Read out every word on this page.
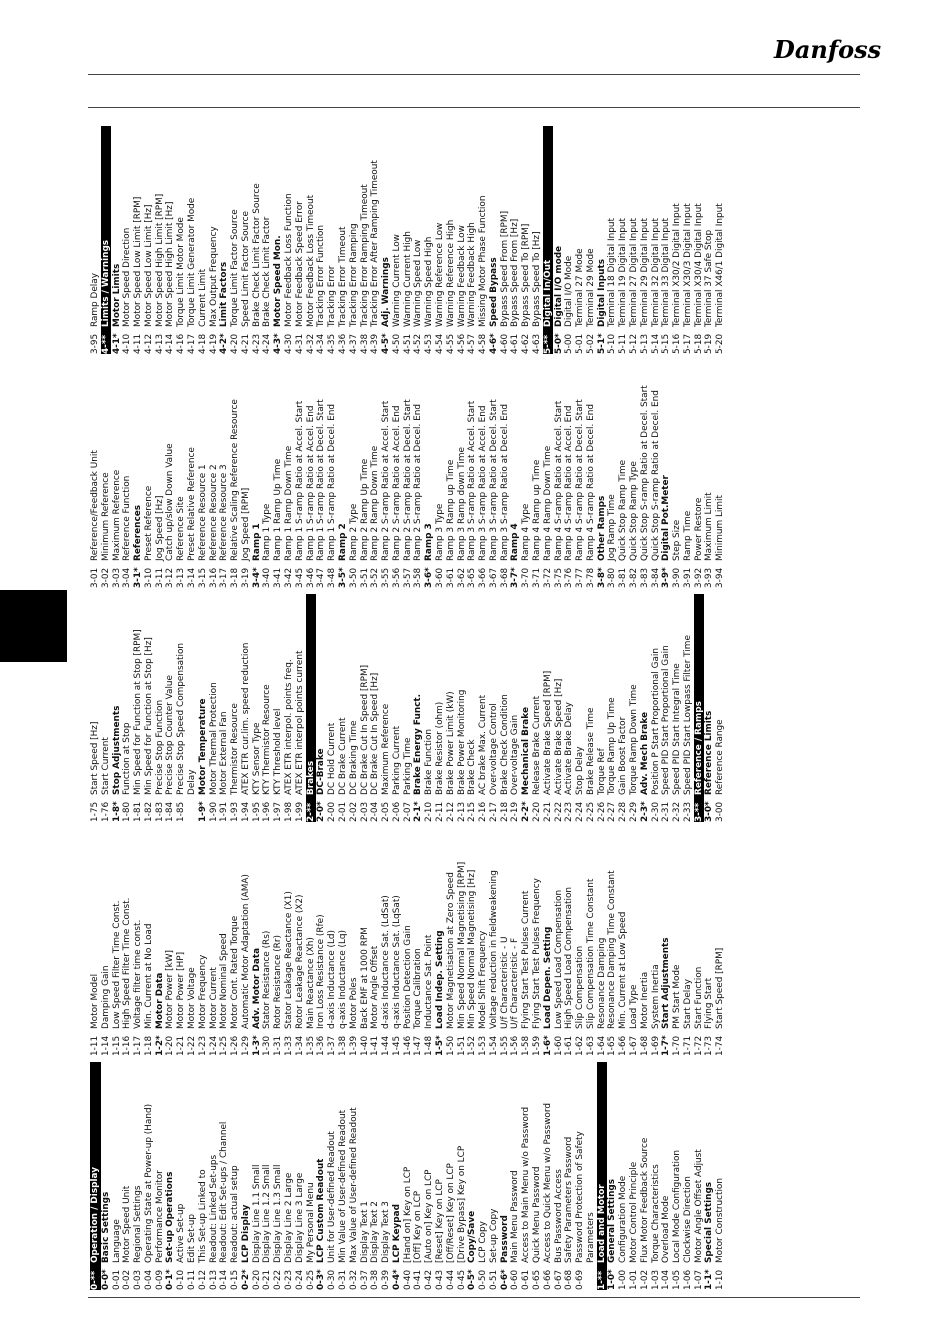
Danfoss
0-**Operation / Display
0-0*Basic Settings
0-01Language
0-02Motor Speed Unit
0-03Regional Settings
0-04Operating State at Power-up (Hand)
0-09Performance Monitor
0-1*Set-up Operations
0-10Active Set-up
0-11Edit Set-up
0-12This Set-up Linked to
0-13Readout: Linked Set-ups
0-14Readout: Edit Set-ups / Channel
0-15Readout: actual setup
0-2*LCP Display
0-20Display Line 1.1 Small
0-21Display Line 1.2 Small
0-22Display Line 1.3 Small
0-23Display Line 2 Large
0-24Display Line 3 Large
0-25My Personal Menu
0-3*LCP Custom Readout
0-30Unit for User-defined Readout
0-31Min Value of User-defined Readout
0-32Max Value of User-defined Readout
0-37Display Text 1
0-38Display Text 2
0-39Display Text 3
0-4*LCP Keypad
0-40[Hand on] Key on LCP
0-41[Off] Key on LCP
0-42[Auto on] Key on LCP
0-43[Reset] Key on LCP
0-44[Off/Reset] Key on LCP
0-45[Drive Bypass] Key on LCP
0-5*Copy/Save
0-50LCP Copy
0-51Set-up Copy
0-6*Password
0-60Main Menu Password
0-61Access to Main Menu w/o Password
0-65Quick Menu Password
0-66Access to Quick Menu w/o Password
0-67Bus Password Access
0-68Safety Parameters Password
0-69Password Protection of Safety Parameters
1-**Load and Motor
1-0*General Settings
1-00Configuration Mode
1-01Motor Control Principle
1-02Flux Motor Feedback Source
1-03Torque Characteristics
1-04Overload Mode
1-05Local Mode Configuration
1-06Clockwise Direction
1-07Motor Angle Offset Adjust
1-1*Special Settings
1-10Motor Construction
1-11Motor Model
1-14Damping Gain
1-15Low Speed Filter Time Const.
1-16High Speed Filter Time Const.
1-17Voltage filter time const.
1-18Min. Current at No Load
1-2*Motor Data
1-20Motor Power [kW]
1-21Motor Power [HP]
1-22Motor Voltage
1-23Motor Frequency
1-24Motor Current
1-25Motor Nominal Speed
1-26Motor Cont. Rated Torque
1-29Automatic Motor Adaptation (AMA)
1-3*Adv. Motor Data
1-30Stator Resistance (Rs)
1-31Rotor Resistance (Rr)
1-33Stator Leakage Reactance (X1)
1-34Rotor Leakage Reactance (X2)
1-35Main Reactance (Xh)
1-36Iron Loss Resistance (Rfe)
1-37d-axis Inductance (Ld)
1-38q-axis Inductance (Lq)
1-39Motor Poles
1-40Back EMF at 1000 RPM
1-41Motor Angle Offset
1-44d-axis Inductance Sat. (LdSat)
1-45q-axis Inductance Sat. (LqSat)
1-46Position Detection Gain
1-47Torque Calibration
1-48Inductance Sat. Point
1-5*Load Indep. Setting
1-50Motor Magnetisation at Zero Speed
1-51Min Speed Normal Magnetising [RPM]
1-52Min Speed Normal Magnetising [Hz]
1-53Model Shift Frequency
1-54Voltage reduction in fieldweakening
1-55U/f Characteristic - U
1-56U/f Characteristic - F
1-58Flying Start Test Pulses Current
1-59Flying Start Test Pulses Frequency
1-6*Load Depen. Setting
1-60Low Speed Load Compensation
1-61High Speed Load Compensation
1-62Slip Compensation
1-63Slip Compensation Time Constant
1-64Resonance Damping
1-65Resonance Damping Time Constant
1-66Min. Current at Low Speed
1-67Load Type
1-68Motor Inertia
1-69System Inertia
1-7*Start Adjustments
1-70PM Start Mode
1-71Start Delay
1-72Start Function
1-73Flying Start
1-74Start Speed [RPM]
1-75Start Speed [Hz]
1-76Start Current
1-8*Stop Adjustments
1-80Function at Stop
1-81Min Speed for Function at Stop [RPM]
1-82Min Speed for Function at Stop [Hz]
1-83Precise Stop Function
1-84Precise Stop Counter Value
1-85Precise Stop Speed Compensation Delay
1-9*Motor Temperature
1-90Motor Thermal Protection
1-91Motor External Fan
1-93Thermistor Resource
1-94ATEX ETR cur.lim. speed reduction
1-95KTY Sensor Type
1-96KTY Thermistor Resource
1-97KTY Threshold level
1-98ATEX ETR interpol. points freq.
1-99ATEX ETR interpol points current
2-**Brakes
2-0*DC-Brake
2-00DC Hold Current
2-01DC Brake Current
2-02DC Braking Time
2-03DC Brake Cut In Speed [RPM]
2-04DC Brake Cut In Speed [Hz]
2-05Maximum Reference
2-06Parking Current
2-07Parking Time
2-1*Brake Energy Funct.
2-10Brake Function
2-11Brake Resistor (ohm)
2-12Brake Power Limit (kW)
2-13Brake Power Monitoring
2-15Brake Check
2-16AC brake Max. Current
2-17Over-voltage Control
2-18Brake Check Condition
2-19Over-voltage Gain
2-2*Mechanical Brake
2-20Release Brake Current
2-21Activate Brake Speed [RPM]
2-22Activate Brake Speed [Hz]
2-23Activate Brake Delay
2-24Stop Delay
2-25Brake Release Time
2-26Torque Ref
2-27Torque Ramp Up Time
2-28Gain Boost Factor
2-29Torque Ramp Down Time
2-3*Adv. Mech Brake
2-30Position P Start Proportional Gain
2-31Speed PID Start Proportional Gain
2-32Speed PID Start Integral Time
2-33Speed PID Start Lowpass Filter Time
3-**Reference / Ramps
3-0*Reference Limits
3-00Reference Range
3-01Reference/Feedback Unit
3-02Minimum Reference
3-03Maximum Reference
3-04Reference Function
3-1*References
3-10Preset Reference
3-11Jog Speed [Hz]
3-12Catch up/slow Down Value
3-13Reference Site
3-14Preset Relative Reference
3-15Reference Resource 1
3-16Reference Resource 2
3-17Reference Resource 3
3-18Relative Scaling Reference Resource
3-19Jog Speed [RPM]
3-4*Ramp 1
3-40Ramp 1 Type
3-41Ramp 1 Ramp Up Time
3-42Ramp 1 Ramp Down Time
3-45Ramp 1 S-ramp Ratio at Accel. Start
3-46Ramp 1 S-ramp Ratio at Accel. End
3-47Ramp 1 S-ramp Ratio at Decel. Start
3-48Ramp 1 S-ramp Ratio at Decel. End
3-5*Ramp 2
3-50Ramp 2 Type
3-51Ramp 2 Ramp Up Time
3-52Ramp 2 Ramp Down Time
3-55Ramp 2 S-ramp Ratio at Accel. Start
3-56Ramp 2 S-ramp Ratio at Accel. End
3-57Ramp 2 S-ramp Ratio at Decel. Start
3-58Ramp 2 S-ramp Ratio at Decel. End
3-6*Ramp 3
3-60Ramp 3 Type
3-61Ramp 3 Ramp up Time
3-62Ramp 3 Ramp down Time
3-65Ramp 3 S-ramp Ratio at Accel. Start
3-66Ramp 3 S-ramp Ratio at Accel. End
3-67Ramp 3 S-ramp Ratio at Decel. Start
3-68Ramp 3 S-ramp Ratio at Decel. End
3-7*Ramp 4
3-70Ramp 4 Type
3-71Ramp 4 Ramp up Time
3-72Ramp 4 Ramp Down Time
3-75Ramp 4 S-ramp Ratio at Accel. Start
3-76Ramp 4 S-ramp Ratio at Accel. End
3-77Ramp 4 S-ramp Ratio at Decel. Start
3-78Ramp 4 S-ramp Ratio at Decel. End
3-8*Other Ramps
3-80Jog Ramp Time
3-81Quick Stop Ramp Time
3-82Quick Stop Ramp Type
3-83Quick Stop S-ramp Ratio at Decel. Start
3-84Quick Stop S-ramp Ratio at Decel. End
3-9*Digital Pot.Meter
3-90Step Size
3-91Ramp Time
3-92Power Restore
3-93Maximum Limit
3-94Minimum Limit
3-95Ramp Delay
4-**Limits / Warnings
4-1*Motor Limits
4-10Motor Speed Direction
4-11Motor Speed Low Limit [RPM]
4-12Motor Speed Low Limit [Hz]
4-13Motor Speed High Limit [RPM]
4-14Motor Speed High Limit [Hz]
4-16Torque Limit Motor Mode
4-17Torque Limit Generator Mode
4-18Current Limit
4-19Max Output Frequency
4-2*Limit Factors
4-20Torque Limit Factor Source
4-21Speed Limit Factor Source
4-23Brake Check Limit Factor Source
4-24Brake Check Limit Factor
4-3*Motor Speed Mon.
4-30Motor Feedback Loss Function
4-31Motor Feedback Speed Error
4-32Motor Feedback Loss Timeout
4-34Tracking Error Function
4-35Tracking Error
4-36Tracking Error Timeout
4-37Tracking Error Ramping
4-38Tracking Error Ramping Timeout
4-39Tracking Error After Ramping Timeout
4-5*Adj. Warnings
4-50Warning Current Low
4-51Warning Current High
4-52Warning Speed Low
4-53Warning Speed High
4-54Warning Reference Low
4-55Warning Reference High
4-56Warning Feedback Low
4-57Warning Feedback High
4-58Missing Motor Phase Function
4-6*Speed Bypass
4-60Bypass Speed From [RPM]
4-61Bypass Speed From [Hz]
4-62Bypass Speed To [RPM]
4-63Bypass Speed To [Hz]
5-**Digital In/Out
5-0*Digital I/O mode
5-00Digital I/O Mode
5-01Terminal 27 Mode
5-02Terminal 29 Mode
5-1*Digital Inputs
5-10Terminal 18 Digital Input
5-11Terminal 19 Digital Input
5-12Terminal 27 Digital Input
5-13Terminal 29 Digital Input
5-14Terminal 32 Digital Input
5-15Terminal 33 Digital Input
5-16Terminal X30/2 Digital Input
5-17Terminal X30/3 Digital Input
5-18Terminal X30/4 Digital Input
5-19Terminal 37 Safe Stop
5-20Terminal X46/1 Digital Input
